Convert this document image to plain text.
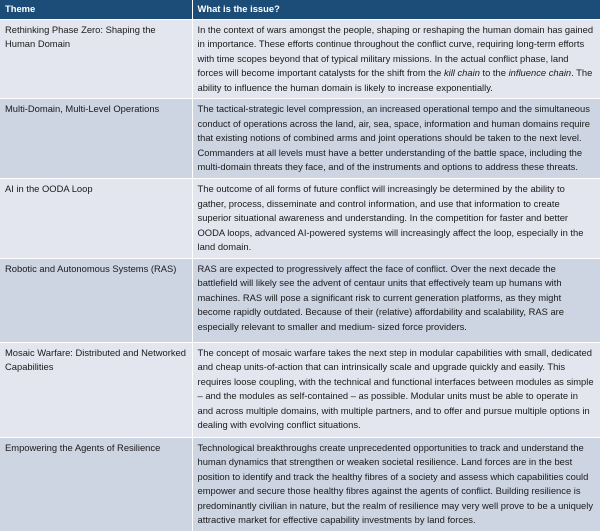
Theme	What is the issue?
Rethinking Phase Zero: Shaping the Human Domain	In the context of wars amongst the people, shaping or reshaping the human domain has gained in importance. These efforts continue throughout the conflict curve, requiring long-term efforts with time scopes beyond that of typical military missions. In the actual conflict phase, land forces will become important catalysts for the shift from the kill chain to the influence chain. The ability to influence the human domain is likely to increase exponentially.
Multi-Domain, Multi-Level Operations	The tactical-strategic level compression, an increased operational tempo and the simultaneous conduct of operations across the land, air, sea, space, information and human domains require that existing notions of combined arms and joint operations should be taken to the next level. Commanders at all levels must have a better understanding of the battle space, including the multi-domain threats they face, and of the instruments and options to address these threats.
AI in the OODA Loop	The outcome of all forms of future conflict will increasingly be determined by the ability to gather, process, disseminate and control information, and use that information to create superior situational awareness and understanding. In the competition for faster and better OODA loops, advanced AI-powered systems will increasingly affect the loop, especially in the land domain.
Robotic and Autonomous Systems (RAS)	RAS are expected to progressively affect the face of conflict. Over the next decade the battlefield will likely see the advent of centaur units that effectively team up humans with machines. RAS will pose a significant risk to current generation platforms, as they might become rapidly outdated. Because of their (relative) affordability and scalability, RAS are especially relevant to smaller and medium- sized force providers.
Mosaic Warfare: Distributed and Networked Capabilities	The concept of mosaic warfare takes the next step in modular capabilities with small, dedicated and cheap units-of-action that can intrinsically scale and upgrade quickly and easily. This requires loose coupling, with the technical and functional interfaces between modules as simple – and the modules as self-contained – as possible. Modular units must be able to operate in and across multiple domains, with multiple partners, and to offer and pursue multiple options in dealing with evolving conflict situations.
Empowering the Agents of Resilience	Technological breakthroughs create unprecedented opportunities to track and understand the human dynamics that strengthen or weaken societal resilience. Land forces are in the best position to identify and track the healthy fibres of a society and assess which capabilities could empower and secure those healthy fibres against the agents of conflict. Building resilience is predominantly civilian in nature, but the realm of resilience may very well prove to be a uniquely attractive market for effective capability investments by land forces.
